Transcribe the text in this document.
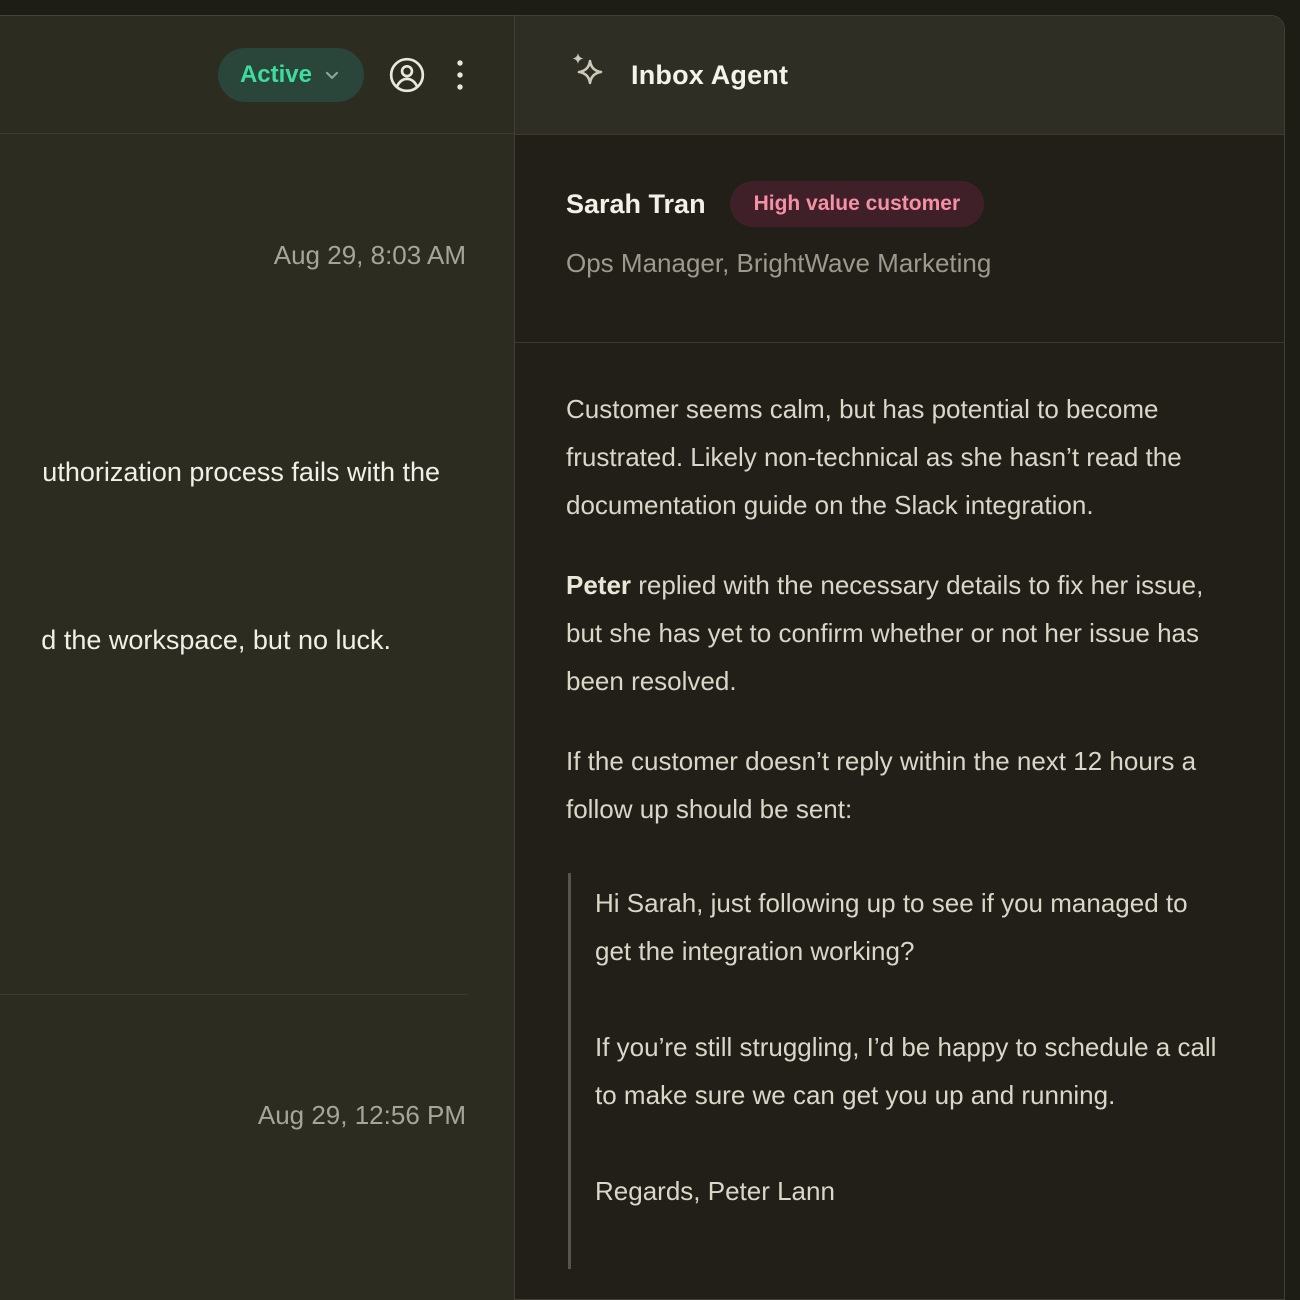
Active
Aug 29, 8:03 AM
uthorization process fails with the
d the workspace, but no luck.
Aug 29, 12:56 PM
Inbox Agent
Sarah Tran	High value customer
Ops Manager, BrightWave Marketing

Customer seems calm, but has potential to become frustrated. Likely non-technical as she hasn’t read the documentation guide on the Slack integration.

Peter replied with the necessary details to fix her issue, but she has yet to confirm whether or not her issue has been resolved.

If the customer doesn’t reply within the next 12 hours a follow up should be sent:

Hi Sarah, just following up to see if you managed to get the integration working?

If you’re still struggling, I’d be happy to schedule a call to make sure we can get you up and running.

Regards, Peter Lann
